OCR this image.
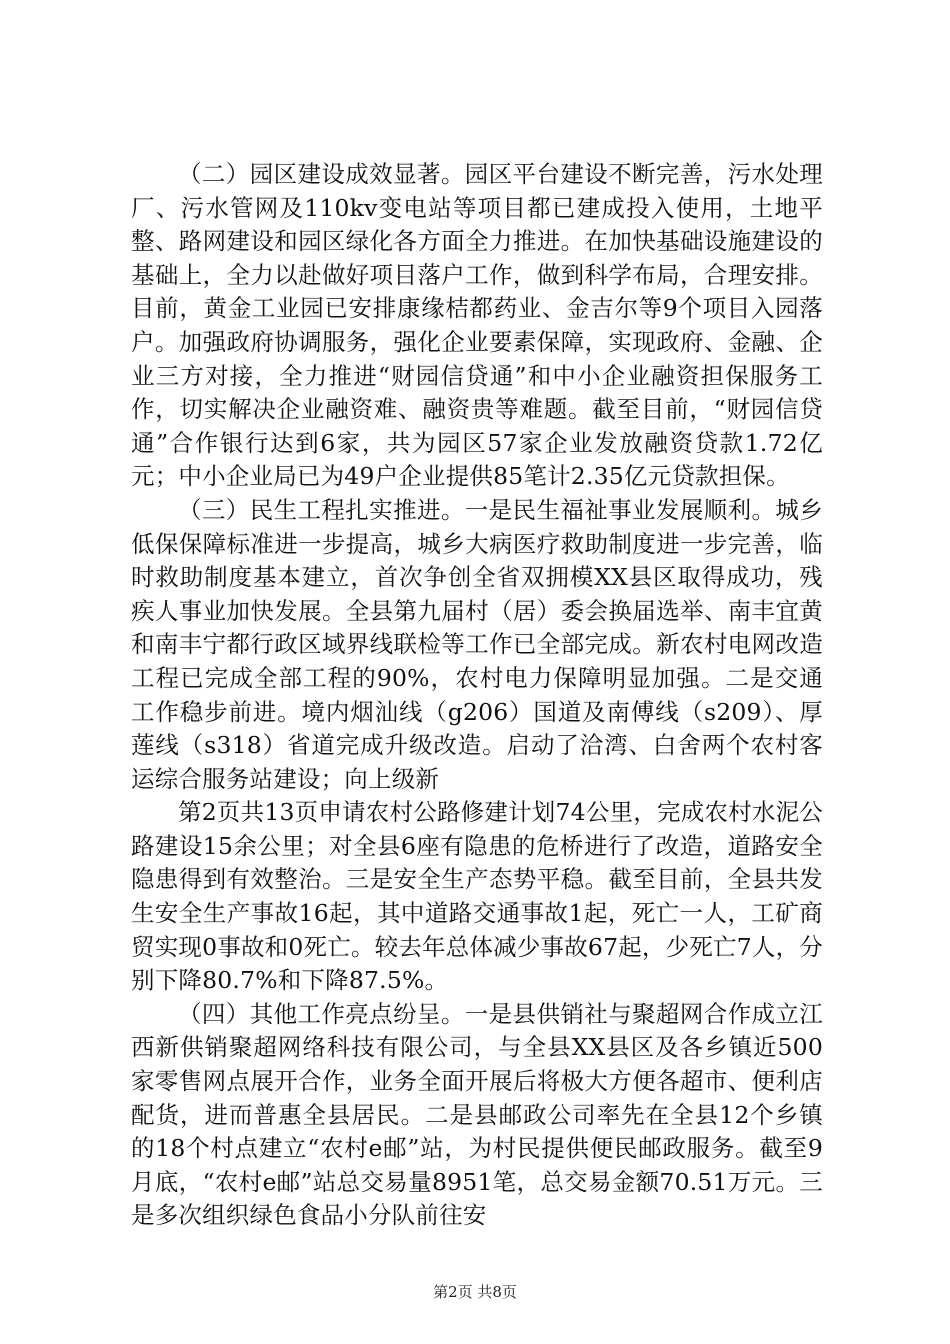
（二）园区建设成效显著。园区平台建设不断完善，污水处理厂、污水管网及110kv变电站等项目都已建成投入使用，土地平整、路网建设和园区绿化各方面全力推进。在加快基础设施建设的基础上，全力以赴做好项目落户工作，做到科学布局，合理安排。目前，黄金工业园已安排康缘桔都药业、金吉尔等9个项目入园落户。加强政府协调服务，强化企业要素保障，实现政府、金融、企业三方对接，全力推进“财园信贷通”和中小企业融资担保服务工作，切实解决企业融资难、融资贵等难题。截至目前，“财园信贷通”合作银行达到6家，共为园区57家企业发放融资贷款1.72亿元；中小企业局已为49户企业提供85笔计2.35亿元贷款担保。

（三）民生工程扎实推进。一是民生福祉事业发展顺利。城乡低保保障标准进一步提高，城乡大病医疗救助制度进一步完善，临时救助制度基本建立，首次争创全省双拥模XX县区取得成功，残疾人事业加快发展。全县第九届村（居）委会换届选举、南丰宜黄和南丰宁都行政区域界线联检等工作已全部完成。新农村电网改造工程已完成全部工程的90%，农村电力保障明显加强。二是交通工作稳步前进。境内烟汕线（g206）国道及南傅线（s209）、厚莲线（s318）省道完成升级改造。启动了洽湾、白舍两个农村客运综合服务站建设；向上级新

第2页共13页申请农村公路修建计划74公里，完成农村水泥公路建设15余公里；对全县6座有隐患的危桥进行了改造，道路安全隐患得到有效整治。三是安全生产态势平稳。截至目前，全县共发生安全生产事故16起，其中道路交通事故1起，死亡一人，工矿商贸实现0事故和0死亡。较去年总体减少事故67起，少死亡7人，分别下降80.7%和下降87.5%。

（四）其他工作亮点纷呈。一是县供销社与聚超网合作成立江西新供销聚超网络科技有限公司，与全县XX县区及各乡镇近500家零售网点展开合作，业务全面开展后将极大方便各超市、便利店配货，进而普惠全县居民。二是县邮政公司率先在全县12个乡镇的18个村点建立“农村e邮”站，为村民提供便民邮政服务。截至9月底，“农村e邮”站总交易量8951笔，总交易金额70.51万元。三是多次组织绿色食品小分队前往安

第2页 共8页
